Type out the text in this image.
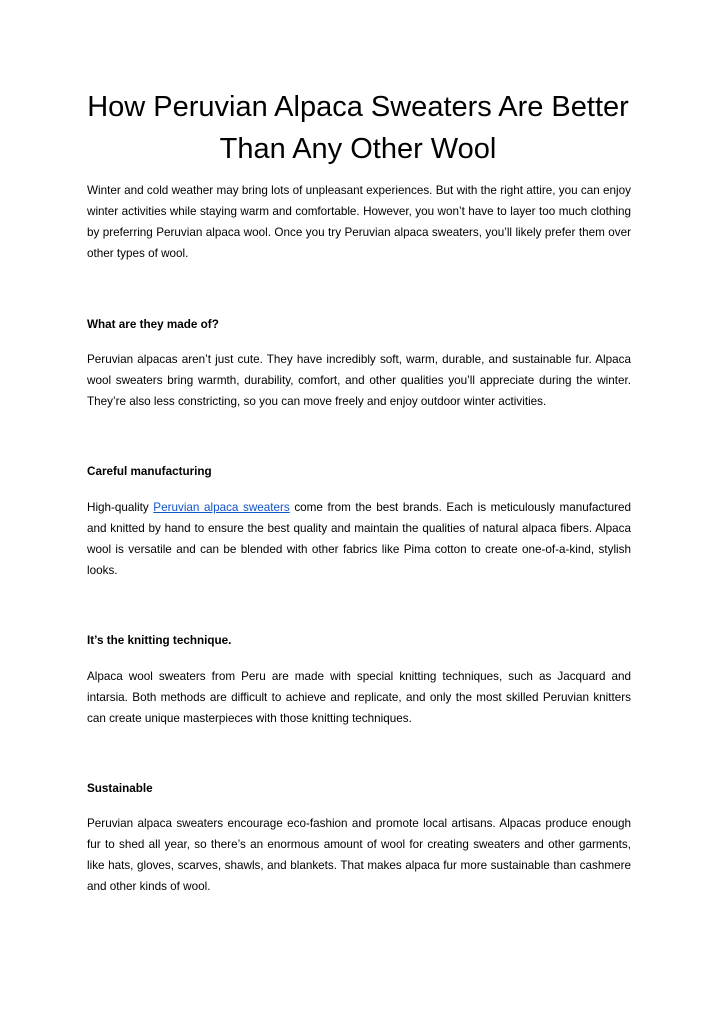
How Peruvian Alpaca Sweaters Are Better Than Any Other Wool

Winter and cold weather may bring lots of unpleasant experiences. But with the right attire, you can enjoy winter activities while staying warm and comfortable. However, you won’t have to layer too much clothing by preferring Peruvian alpaca wool. Once you try Peruvian alpaca sweaters, you’ll likely prefer them over other types of wool.

What are they made of?

Peruvian alpacas aren’t just cute. They have incredibly soft, warm, durable, and sustainable fur. Alpaca wool sweaters bring warmth, durability, comfort, and other qualities you’ll appreciate during the winter. They’re also less constricting, so you can move freely and enjoy outdoor winter activities.

Careful manufacturing

High-quality Peruvian alpaca sweaters come from the best brands. Each is meticulously manufactured and knitted by hand to ensure the best quality and maintain the qualities of natural alpaca fibers. Alpaca wool is versatile and can be blended with other fabrics like Pima cotton to create one-of-a-kind, stylish looks.

It’s the knitting technique.

Alpaca wool sweaters from Peru are made with special knitting techniques, such as Jacquard and intarsia. Both methods are difficult to achieve and replicate, and only the most skilled Peruvian knitters can create unique masterpieces with those knitting techniques.

Sustainable

Peruvian alpaca sweaters encourage eco-fashion and promote local artisans. Alpacas produce enough fur to shed all year, so there’s an enormous amount of wool for creating sweaters and other garments, like hats, gloves, scarves, shawls, and blankets. That makes alpaca fur more sustainable than cashmere and other kinds of wool.
